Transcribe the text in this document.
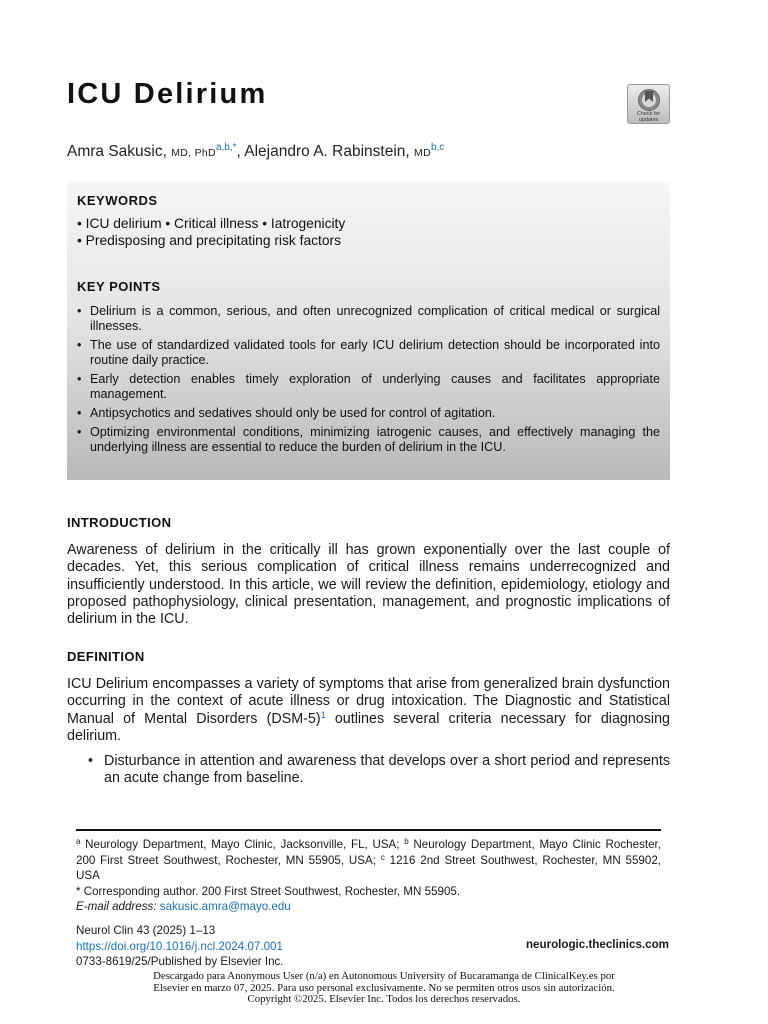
ICU Delirium
Check for
updates
Amra Sakusic, MD, PhD$^{a,b,*}$, Alejandro A. Rabinstein, MD$^{b,c}$
KEYWORDS
• ICU delirium • Critical illness • Iatrogenicity
• Predisposing and precipitating risk factors
KEY POINTS
• Delirium is a common, serious, and often unrecognized complication of critical medical or surgical illnesses.
• The use of standardized validated tools for early ICU delirium detection should be incorporated into routine daily practice.
• Early detection enables timely exploration of underlying causes and facilitates appropriate management.
• Antipsychotics and sedatives should only be used for control of agitation.
• Optimizing environmental conditions, minimizing iatrogenic causes, and effectively managing the underlying illness are essential to reduce the burden of delirium in the ICU.
INTRODUCTION
Awareness of delirium in the critically ill has grown exponentially over the last couple of decades. Yet, this serious complication of critical illness remains underrecognized and insufficiently understood. In this article, we will review the definition, epidemiology, etiology and proposed pathophysiology, clinical presentation, management, and prognostic implications of delirium in the ICU.
DEFINITION
ICU Delirium encompasses a variety of symptoms that arise from generalized brain dysfunction occurring in the context of acute illness or drug intoxication. The Diagnostic and Statistical Manual of Mental Disorders $(DSM-5)^1$ outlines several criteria necessary for diagnosing delirium.
• Disturbance in attention and awareness that develops over a short period and represents an acute change from baseline.
$^a$ Neurology Department, Mayo Clinic, Jacksonville, FL, USA; $^b$ Neurology Department, Mayo Clinic Rochester, 200 First Street Southwest, Rochester, MN 55905, USA; $^c$ 1216 2nd Street Southwest, Rochester, MN 55902, USA
* Corresponding author. 200 First Street Southwest, Rochester, MN 55905.
E-mail address: sakusic.amra@mayo.edu
Neurol Clin 43 (2025) 1–13
https://doi.org/10.1016/j.ncl.2024.07.001
0733-8619/25/Published by Elsevier Inc.
neurologic.theclinics.com
Descargado para Anonymous User (n/a) en Autonomous University of Bucaramanga de ClinicalKey.es por Elsevier en marzo 07, 2025. Para uso personal exclusivamente. No se permiten otros usos sin autorización. Copyright ©2025. Elsevier Inc. Todos los derechos reservados.
